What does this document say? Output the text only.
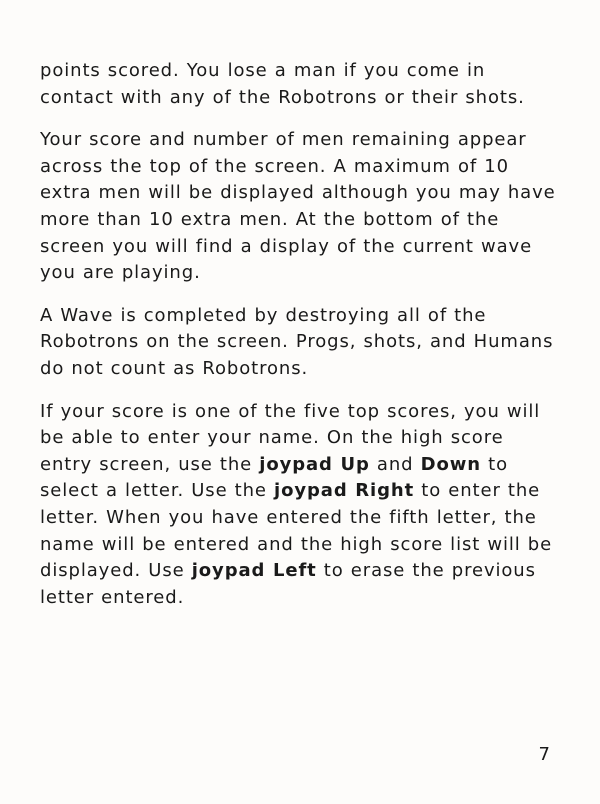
points scored. You lose a man if you come in contact with any of the Robotrons or their shots.

Your score and number of men remaining appear across the top of the screen. A maximum of 10 extra men will be displayed although you may have more than 10 extra men. At the bottom of the screen you will find a display of the current wave you are playing.

A Wave is completed by destroying all of the Robotrons on the screen. Progs, shots, and Humans do not count as Robotrons.

If your score is one of the five top scores, you will be able to enter your name. On the high score entry screen, use the joypad Up and Down to select a letter. Use the joypad Right to enter the letter. When you have entered the fifth letter, the name will be entered and the high score list will be displayed. Use joypad Left to erase the previous letter entered.

7
